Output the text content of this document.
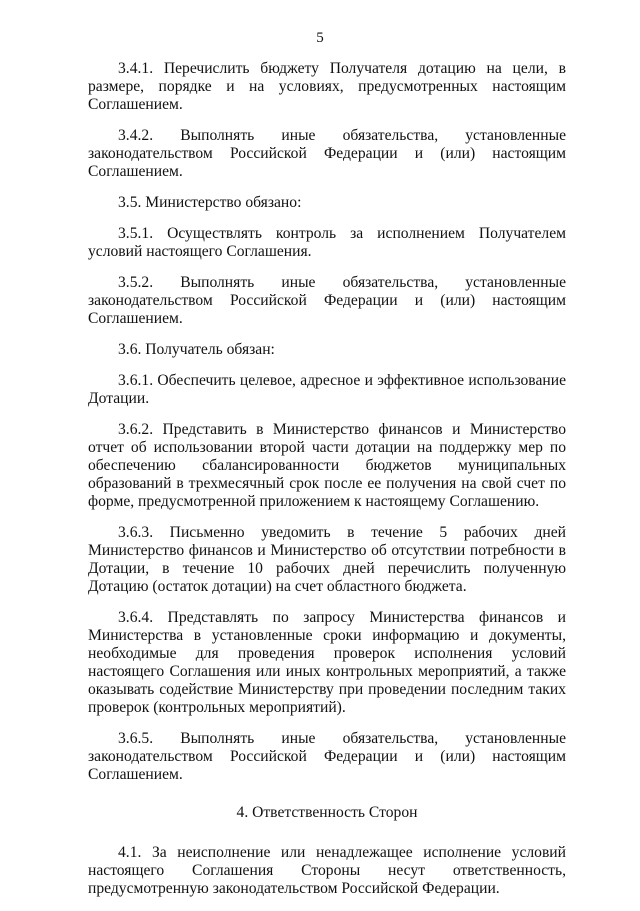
5

3.4.1. Перечислить бюджету Получателя дотацию на цели, в размере, порядке и на условиях, предусмотренных настоящим Соглашением.

3.4.2. Выполнять иные обязательства, установленные законодательством Российской Федерации и (или) настоящим Соглашением.

3.5. Министерство обязано:

3.5.1. Осуществлять контроль за исполнением Получателем условий настоящего Соглашения.

3.5.2. Выполнять иные обязательства, установленные законодательством Российской Федерации и (или) настоящим Соглашением.

3.6. Получатель обязан:

3.6.1. Обеспечить целевое, адресное и эффективное использование Дотации.

3.6.2. Представить в Министерство финансов и Министерство отчет об использовании второй части дотации на поддержку мер по обеспечению сбалансированности бюджетов муниципальных образований в трехмесячный срок после ее получения на свой счет по форме, предусмотренной приложением к настоящему Соглашению.

3.6.3. Письменно уведомить в течение 5 рабочих дней Министерство финансов и Министерство об отсутствии потребности в Дотации, в течение 10 рабочих дней перечислить полученную Дотацию (остаток дотации) на счет областного бюджета.

3.6.4. Представлять по запросу Министерства финансов и Министерства в установленные сроки информацию и документы, необходимые для проведения проверок исполнения условий настоящего Соглашения или иных контрольных мероприятий, а также оказывать содействие Министерству при проведении последним таких проверок (контрольных мероприятий).

3.6.5. Выполнять иные обязательства, установленные законодательством Российской Федерации и (или) настоящим Соглашением.

4. Ответственность Сторон

4.1. За неисполнение или ненадлежащее исполнение условий настоящего Соглашения Стороны несут ответственность, предусмотренную законодательством Российской Федерации.
